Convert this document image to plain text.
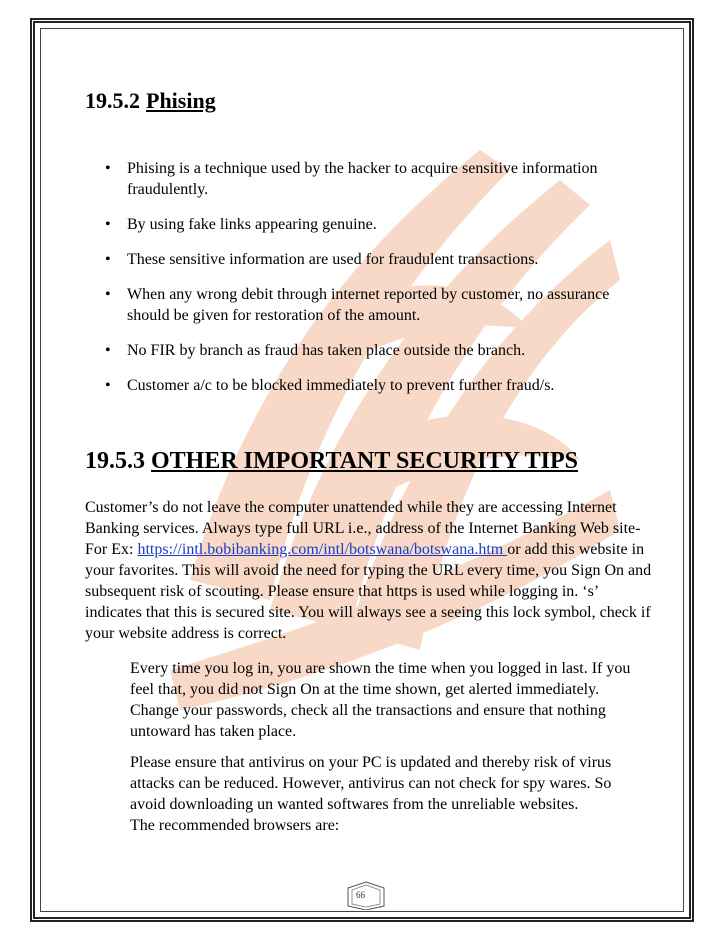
19.5.2 Phising
• Phising is a technique used by the hacker to acquire sensitive information fraudulently.
• By using fake links appearing genuine.
• These sensitive information are used for fraudulent transactions.
• When any wrong debit through internet reported by customer, no assurance should be given for restoration of the amount.
• No FIR by branch as fraud has taken place outside the branch.
• Customer a/c to be blocked immediately to prevent further fraud/s.
19.5.3 OTHER IMPORTANT SECURITY TIPS
Customer’s do not leave the computer unattended while they are accessing Internet Banking services. Always type full URL i.e., address of the Internet Banking Web site- For Ex: https://intl.bobibanking.com/intl/botswana/botswana.htm or add this website in your favorites. This will avoid the need for typing the URL every time, you Sign On and subsequent risk of scouting. Please ensure that https is used while logging in. ‘s’ indicates that this is secured site. You will always see a seeing this lock symbol, check if your website address is correct.
Every time you log in, you are shown the time when you logged in last. If you feel that, you did not Sign On at the time shown, get alerted immediately. Change your passwords, check all the transactions and ensure that nothing untoward has taken place.
Please ensure that antivirus on your PC is updated and thereby risk of virus attacks can be reduced. However, antivirus can not check for spy wares. So avoid downloading un wanted softwares from the unreliable websites.
The recommended browsers are:
66
